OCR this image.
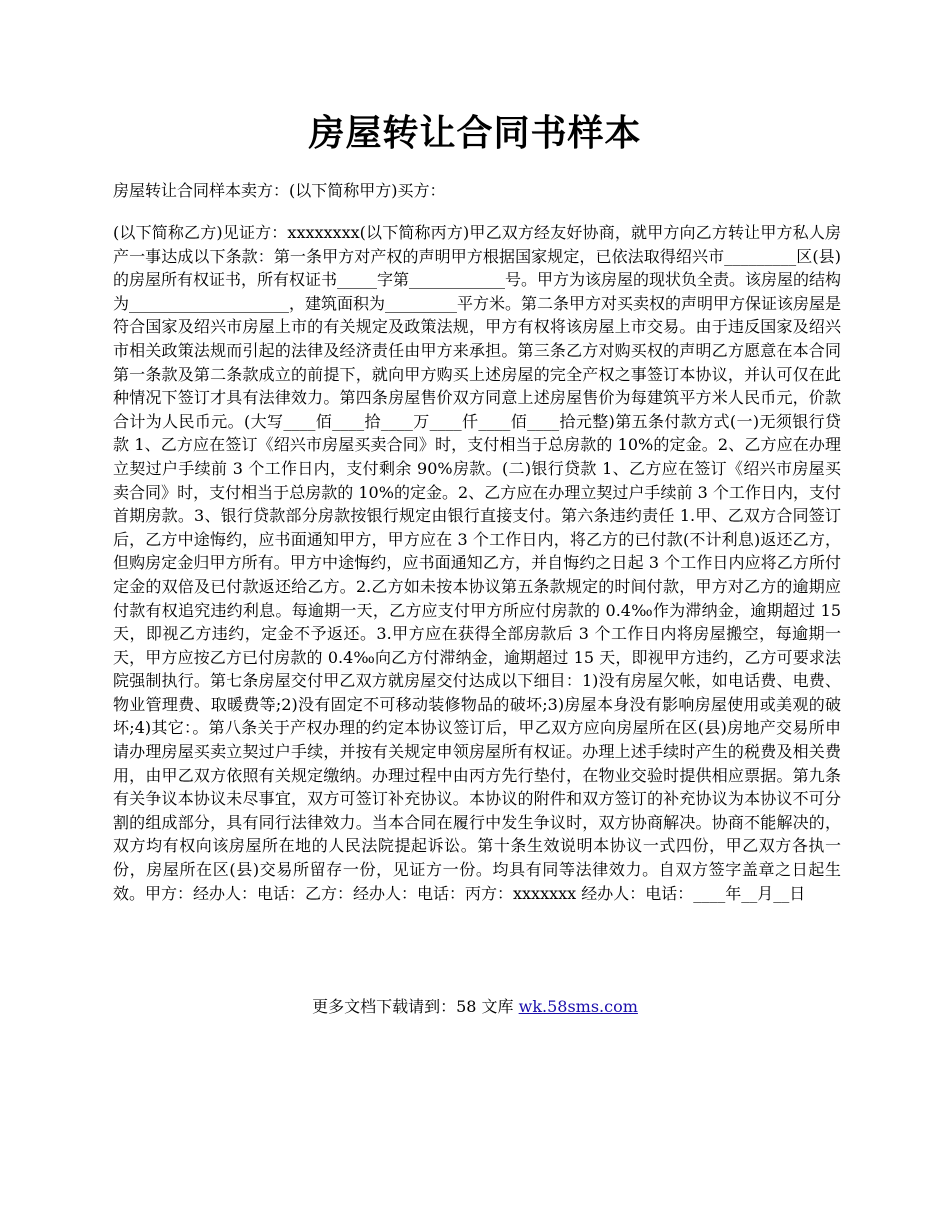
房屋转让合同书样本
房屋转让合同样本卖方：(以下简称甲方)买方：
(以下简称乙方)见证方：xxxxxxxx(以下简称丙方)甲乙双方经友好协商，就甲方向乙方转让甲方私人房产一事达成以下条款：第一条甲方对产权的声明甲方根据国家规定，已依法取得绍兴市_________区(县)的房屋所有权证书，所有权证书_____字第____________号。甲方为该房屋的现状负全责。该房屋的结构为____________________，建筑面积为_________平方米。第二条甲方对买卖权的声明甲方保证该房屋是符合国家及绍兴市房屋上市的有关规定及政策法规，甲方有权将该房屋上市交易。由于违反国家及绍兴市相关政策法规而引起的法律及经济责任由甲方来承担。第三条乙方对购买权的声明乙方愿意在本合同第一条款及第二条款成立的前提下，就向甲方购买上述房屋的完全产权之事签订本协议，并认可仅在此种情况下签订才具有法律效力。第四条房屋售价双方同意上述房屋售价为每建筑平方米人民币元，价款合计为人民币元。(大写____佰____拾____万____仟____佰____拾元整)第五条付款方式(一)无须银行贷款 1、乙方应在签订《绍兴市房屋买卖合同》时，支付相当于总房款的 10%的定金。2、乙方应在办理立契过户手续前 3 个工作日内，支付剩余 90%房款。(二)银行贷款 1、乙方应在签订《绍兴市房屋买卖合同》时，支付相当于总房款的 10%的定金。2、乙方应在办理立契过户手续前 3 个工作日内，支付首期房款。3、银行贷款部分房款按银行规定由银行直接支付。第六条违约责任 1.甲、乙双方合同签订后，乙方中途悔约，应书面通知甲方，甲方应在 3 个工作日内，将乙方的已付款(不计利息)返还乙方，但购房定金归甲方所有。甲方中途悔约，应书面通知乙方，并自悔约之日起 3 个工作日内应将乙方所付定金的双倍及已付款返还给乙方。2.乙方如未按本协议第五条款规定的时间付款，甲方对乙方的逾期应付款有权追究违约利息。每逾期一天，乙方应支付甲方所应付房款的 0.4‰作为滞纳金，逾期超过 15 天，即视乙方违约，定金不予返还。3.甲方应在获得全部房款后 3 个工作日内将房屋搬空，每逾期一天，甲方应按乙方已付房款的 0.4‰向乙方付滞纳金，逾期超过 15 天，即视甲方违约，乙方可要求法院强制执行。第七条房屋交付甲乙双方就房屋交付达成以下细目：1)没有房屋欠帐，如电话费、电费、物业管理费、取暖费等;2)没有固定不可移动装修物品的破坏;3)房屋本身没有影响房屋使用或美观的破坏;4)其它：。第八条关于产权办理的约定本协议签订后，甲乙双方应向房屋所在区(县)房地产交易所申请办理房屋买卖立契过户手续，并按有关规定申领房屋所有权证。办理上述手续时产生的税费及相关费用，由甲乙双方依照有关规定缴纳。办理过程中由丙方先行垫付，在物业交验时提供相应票据。第九条有关争议本协议未尽事宜，双方可签订补充协议。本协议的附件和双方签订的补充协议为本协议不可分割的组成部分，具有同行法律效力。当本合同在履行中发生争议时，双方协商解决。协商不能解决的，双方均有权向该房屋所在地的人民法院提起诉讼。第十条生效说明本协议一式四份，甲乙双方各执一份，房屋所在区(县)交易所留存一份，见证方一份。均具有同等法律效力。自双方签字盖章之日起生效。甲方：经办人：电话：乙方：经办人：电话：丙方：xxxxxxx 经办人：电话：____年__月__日
更多文档下载请到：58 文库 wk.58sms.com
